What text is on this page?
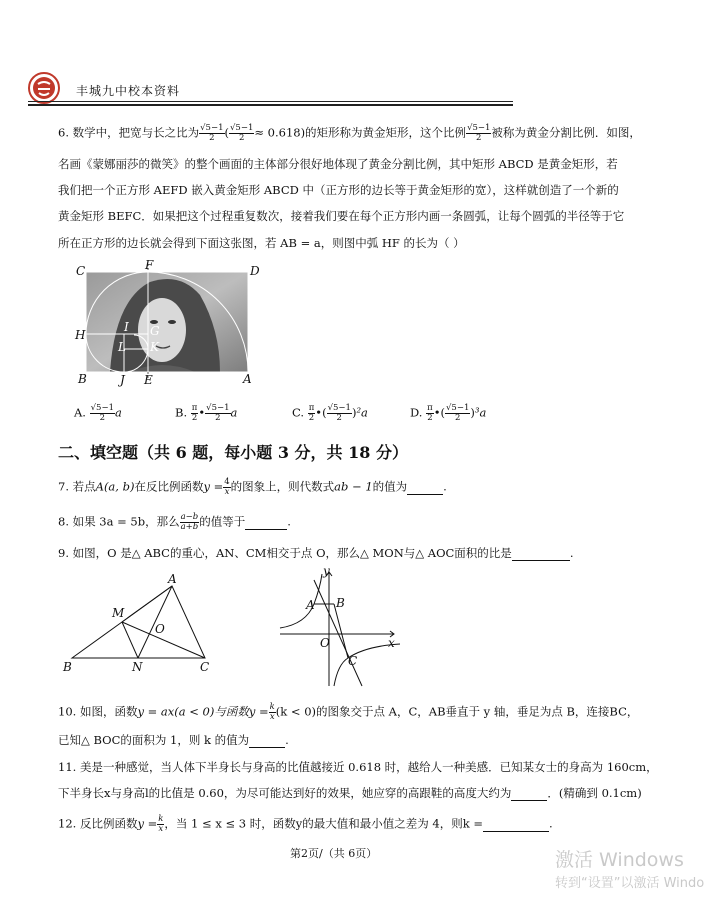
丰城九中校本资料
6. 数学中，把宽与长之比为 $\frac{√5-1}{2}$ ( $\frac{√5-1}{2} \approx 0.618$)的矩形称为黄金矩形，这个比例 $\frac{√5-1}{2}$ 被称为黄金分割比例．如图，
名画《蒙娜丽莎的微笑》的整个画面的主体部分很好地体现了黄金分割比例，其中矩形 ABCD 是黄金矩形，若
我们把一个正方形 AEFD 嵌入黄金矩形 ABCD 中（正方形的边长等于黄金矩形的宽），这样就创造了一个新的
黄金矩形 BEFC．如果把这个过程重复数次，接着我们要在每个正方形内画一条圆弧，让每个圆弧的半径等于它
所在正方形的边长就会得到下面这张图，若 AB = a，则图中弧 HF 的长为（ ）
C	F	D
H
I G
L K
B	J E	A
A. $\frac{√5-1}{2}$ a	B. $\frac{\pi}{2}$ • $\frac{√5-1}{2}$ a	C. $\frac{\pi}{2}$ •( $\frac{√5-1}{2} )^2a$	D. $\frac{\pi}{2}$ •( $\frac{√5-1}{2} )^3a$
二、填空题（共 6 题，每小题 3 分，共 18 分）
7. 若点A(a, b)在反比例函数$y = \frac{4}{x}$ 的图象上，则代数式ab − 1的值为	.
8. 如果 3a = 5b，那么 $\frac{a-b}{a+b}$ 的值等于	.
9. 如图，O 是△ ABC的重心，AN、CM相交于点 O，那么△ MON与△ AOC面积的比是	.
A
M
O
B	N	C
y
A B
O	x
C
10. 如图，函数y = ax(a < 0)与函数$y = \frac{k}{x} (k < 0)$的图象交于点 A，C，AB垂直于 y 轴，垂足为点 B，连接BC，
已知△ BOC的面积为 1，则 k 的值为	.
11. 美是一种感觉，当人体下半身长与身高的比值越接近 0.618 时，越给人一种美感．已知某女士的身高为 160cm，
下半身长x与身高l的比值是 0.60，为尽可能达到好的效果，她应穿的高跟鞋的高度大约为	．(精确到 0.1cm)
12. 反比例函数$y = \frac{k}{x}$ ，当 1 ≤ x ≤ 3 时，函数y的最大值和最小值之差为 4，则k =	.
第2页/（共 6页）	激活 Windows
转到“设置”以激活 Windo
